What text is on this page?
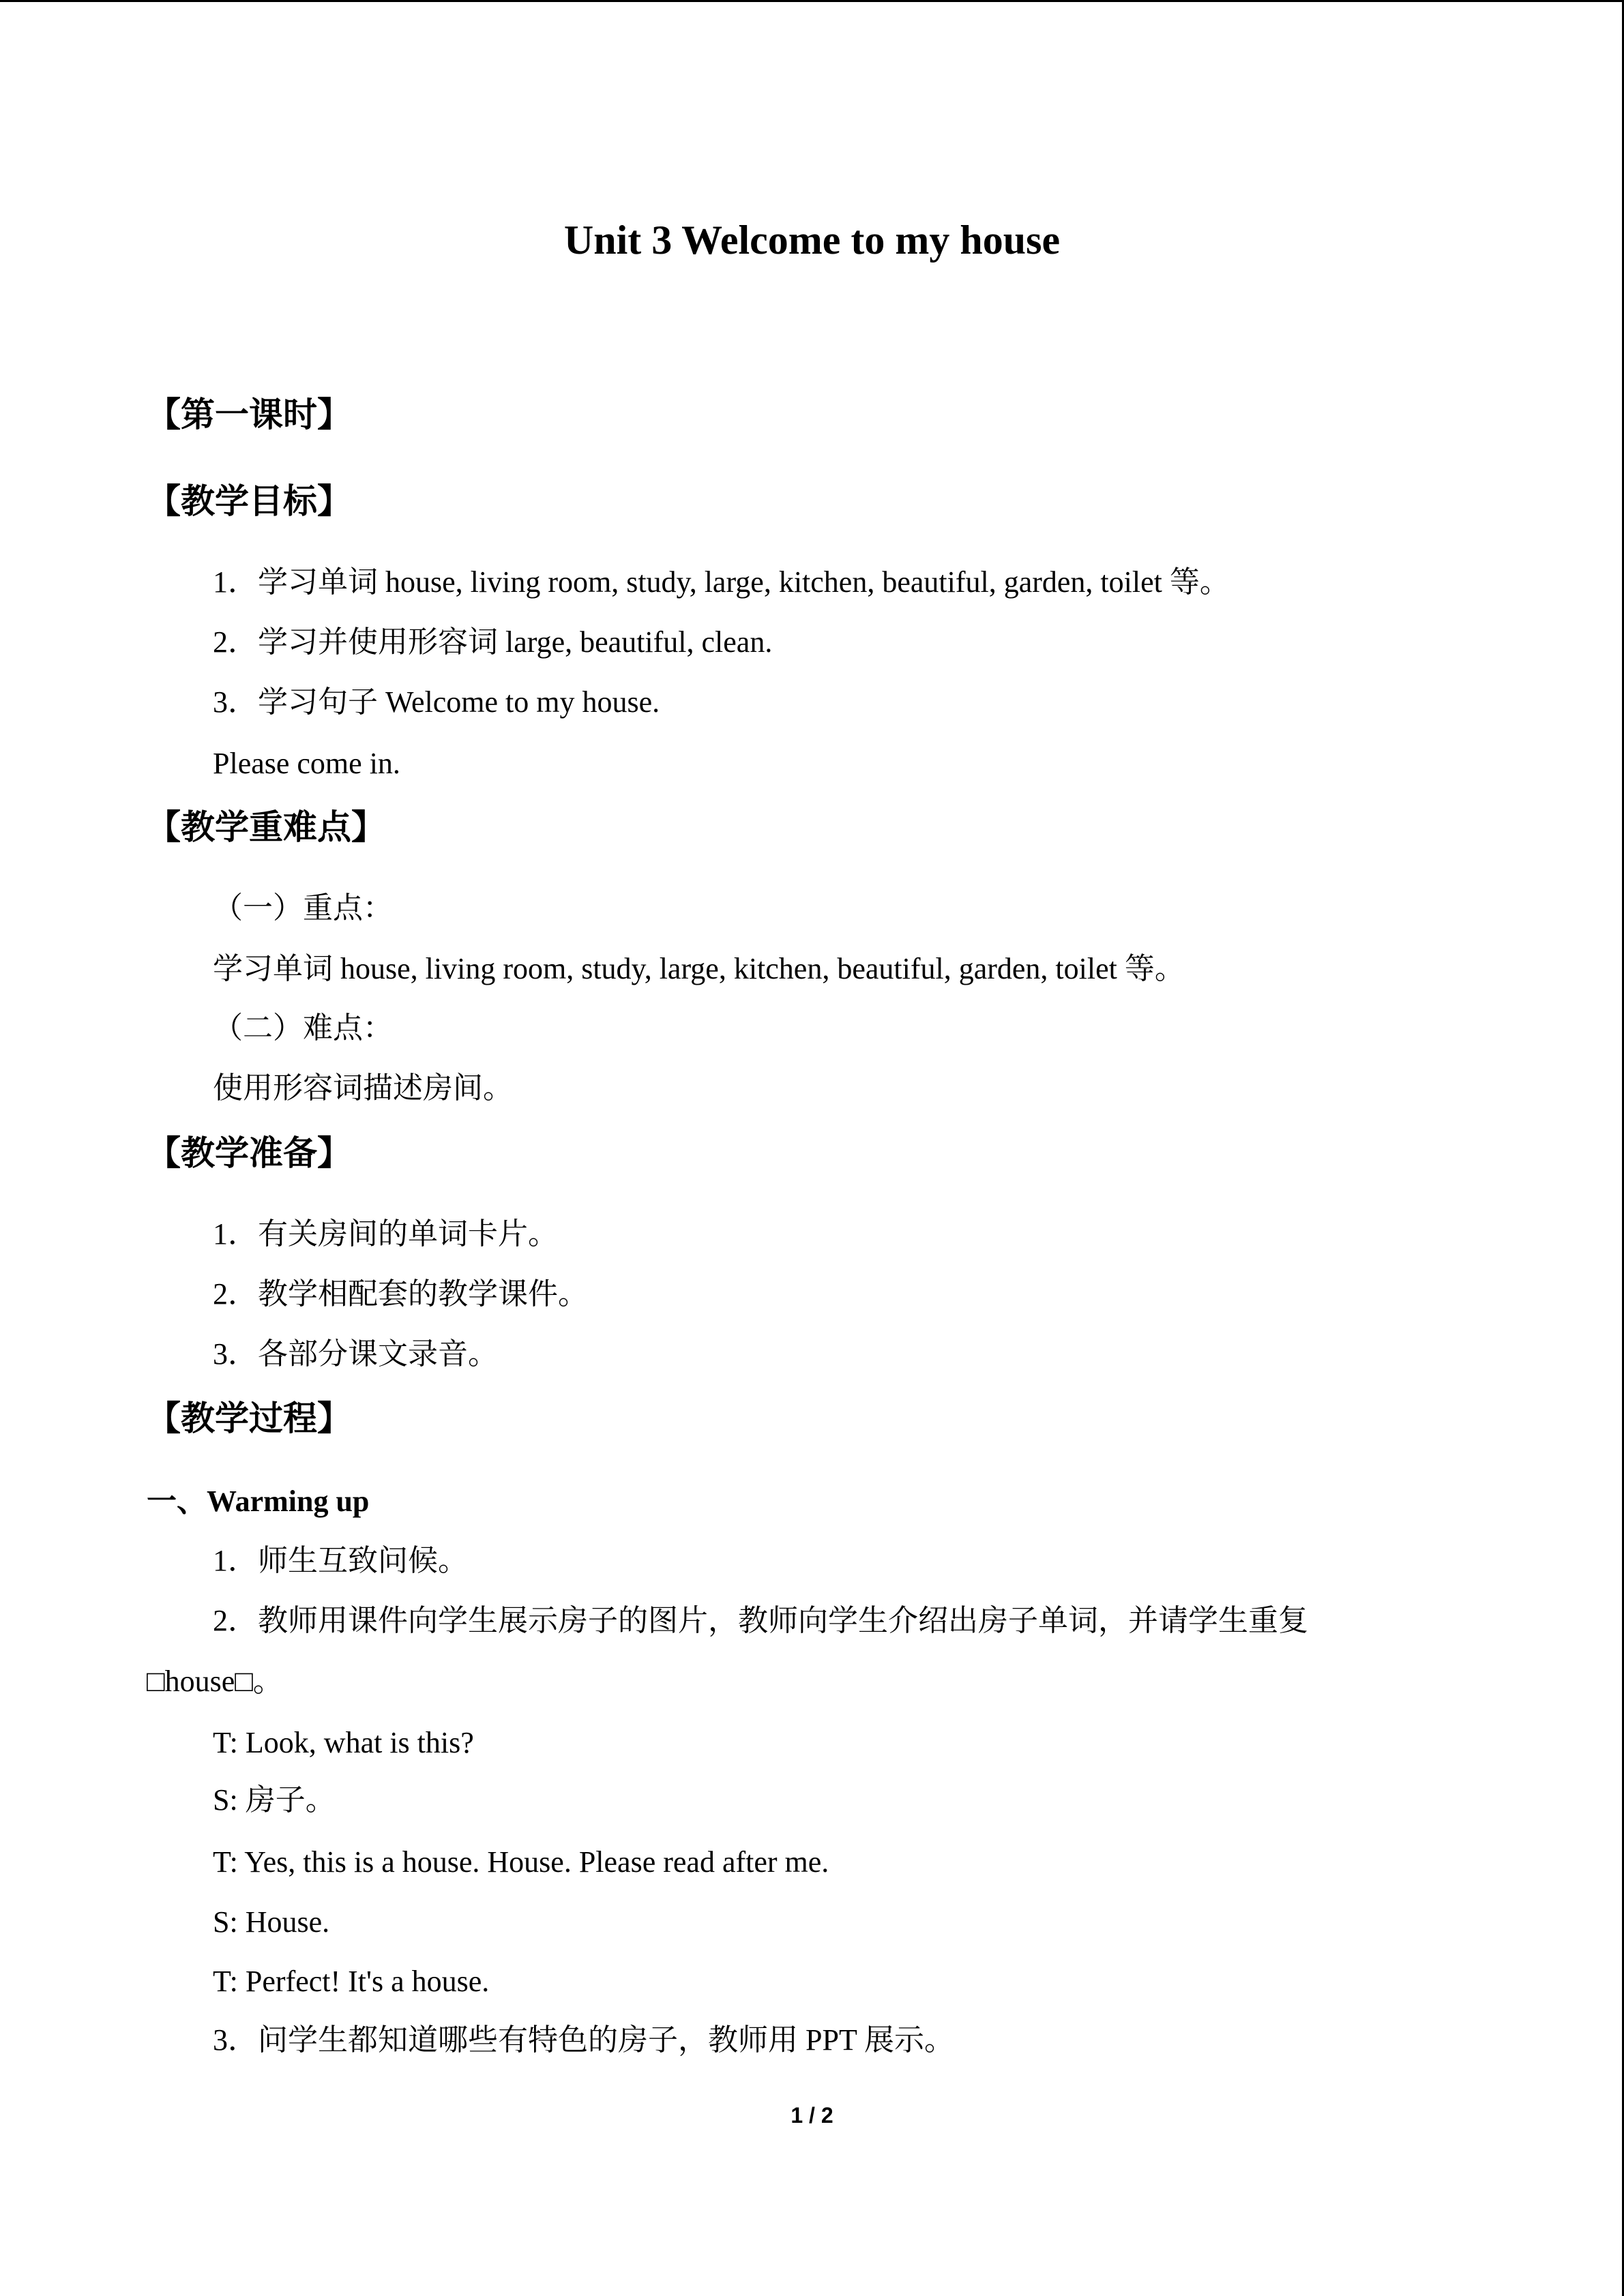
Unit 3 Welcome to my house
【第一课时】
【教学目标】
1．学习单词 house, living room, study, large, kitchen, beautiful, garden, toilet 等。
2．学习并使用形容词 large, beautiful, clean.
3．学习句子 Welcome to my house.
Please come in.
【教学重难点】
（一）重点：
学习单词 house, living room, study, large, kitchen, beautiful, garden, toilet 等。
（二）难点：
使用形容词描述房间。
【教学准备】
1．有关房间的单词卡片。
2．教学相配套的教学课件。
3．各部分课文录音。
【教学过程】
一、Warming up
1．师生互致问候。
2．教师用课件向学生展示房子的图片，教师向学生介绍出房子单词，并请学生重复
□house□。
T: Look, what is this?
S: 房子。
T: Yes, this is a house. House. Please read after me.
S: House.
T: Perfect! It's a house.
3．问学生都知道哪些有特色的房子，教师用 PPT 展示。
1 / 2
